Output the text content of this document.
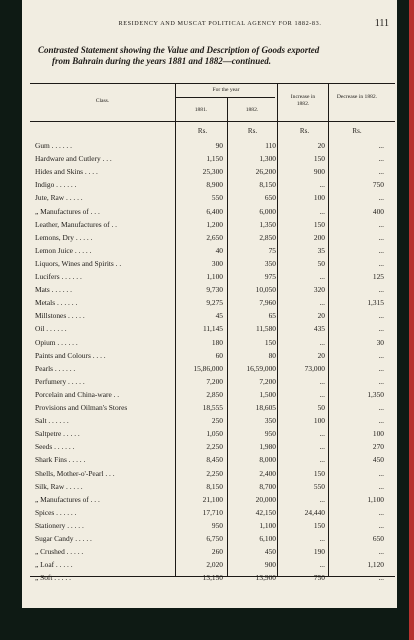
RESIDENCY AND MUSCAT POLITICAL AGENCY FOR 1882-83.	111
Contrasted Statement showing the Value and Description of Goods exported
from Bahrain during the years 1881 and 1882—continued.
Class.
For the year
1881.	1882.
Increase in 1882.
Decrease in 1882.
Rs.	Rs.	Rs.	Rs.
Gum . . . . . .	90	110	20	...
Hardware and Cutlery . . .	1,150	1,300	150	...
Hides and Skins . . . .	25,300	26,200	900	...
Indigo . . . . . .	8,900	8,150	...	750
Jute, Raw . . . . .	550	650	100	...
„ Manufactures of . . .	6,400	6,000	...	400
Leather, Manufactures of . .	1,200	1,350	150	...
Lemons, Dry . . . . .	2,650	2,850	200	...
Lemon Juice . . . . .	40	75	35	...
Liquors, Wines and Spirits . .	300	350	50	...
Lucifers . . . . . .	1,100	975	...	125
Mats . . . . . .	9,730	10,050	320	...
Metals . . . . . .	9,275	7,960	...	1,315
Millstones . . . . .	45	65	20	...
Oil . . . . . .	11,145	11,580	435	...
Opium . . . . . .	180	150	...	30
Paints and Colours . . . .	60	80	20	...
Pearls . . . . . .	15,86,000	16,59,000	73,000	...
Perfumery . . . . .	7,200	7,200	...	...
Porcelain and China-ware . .	2,850	1,500	...	1,350
Provisions and Oilman's Stores	18,555	18,605	50	...
Salt . . . . . .	250	350	100	...
Saltpetre . . . . .	1,050	950	...	100
Seeds . . . . . .	2,250	1,980	...	270
Shark Fins . . . . .	8,450	8,000	...	450
Shells, Mother-o'-Pearl . . .	2,250	2,400	150	...
Silk, Raw . . . . .	8,150	8,700	550	...
„ Manufactures of . . .	21,100	20,000	...	1,100
Spices . . . . . .	17,710	42,150	24,440	...
Stationery . . . . .	950	1,100	150	...
Sugar Candy . . . . .	6,750	6,100	...	650
„ Crushed . . . . .	260	450	190	...
„ Loaf . . . . .	2,020	900	...	1,120
„ Soft . . . . .	13,150	13,900	750	...
